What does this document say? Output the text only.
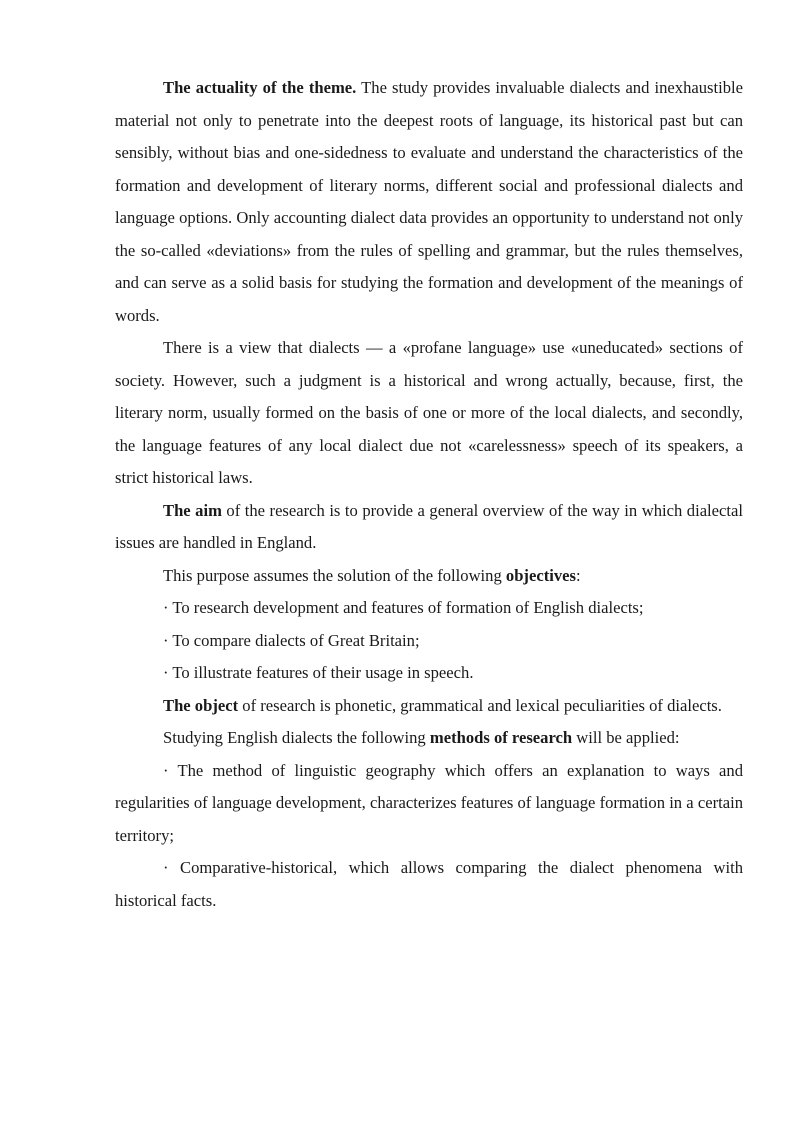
The actuality of the theme. The study provides invaluable dialects and inexhaustible material not only to penetrate into the deepest roots of language, its historical past but can sensibly, without bias and one-sidedness to evaluate and understand the characteristics of the formation and development of literary norms, different social and professional dialects and language options. Only accounting dialect data provides an opportunity to understand not only the so-called «deviations» from the rules of spelling and grammar, but the rules themselves, and can serve as a solid basis for studying the formation and development of the meanings of words.

There is a view that dialects — a «profane language» use «uneducated» sections of society. However, such a judgment is a historical and wrong actually, because, first, the literary norm, usually formed on the basis of one or more of the local dialects, and secondly, the language features of any local dialect due not «carelessness» speech of its speakers, a strict historical laws.

The aim of the research is to provide a general overview of the way in which dialectal issues are handled in England.

This purpose assumes the solution of the following objectives:

· To research development and features of formation of English dialects;

· To compare dialects of Great Britain;

· To illustrate features of their usage in speech.

The object of research is phonetic, grammatical and lexical peculiarities of dialects.

Studying English dialects the following methods of research will be applied:

· The method of linguistic geography which offers an explanation to ways and regularities of language development, characterizes features of language formation in a certain territory;

· Comparative-historical, which allows comparing the dialect phenomena with historical facts.
